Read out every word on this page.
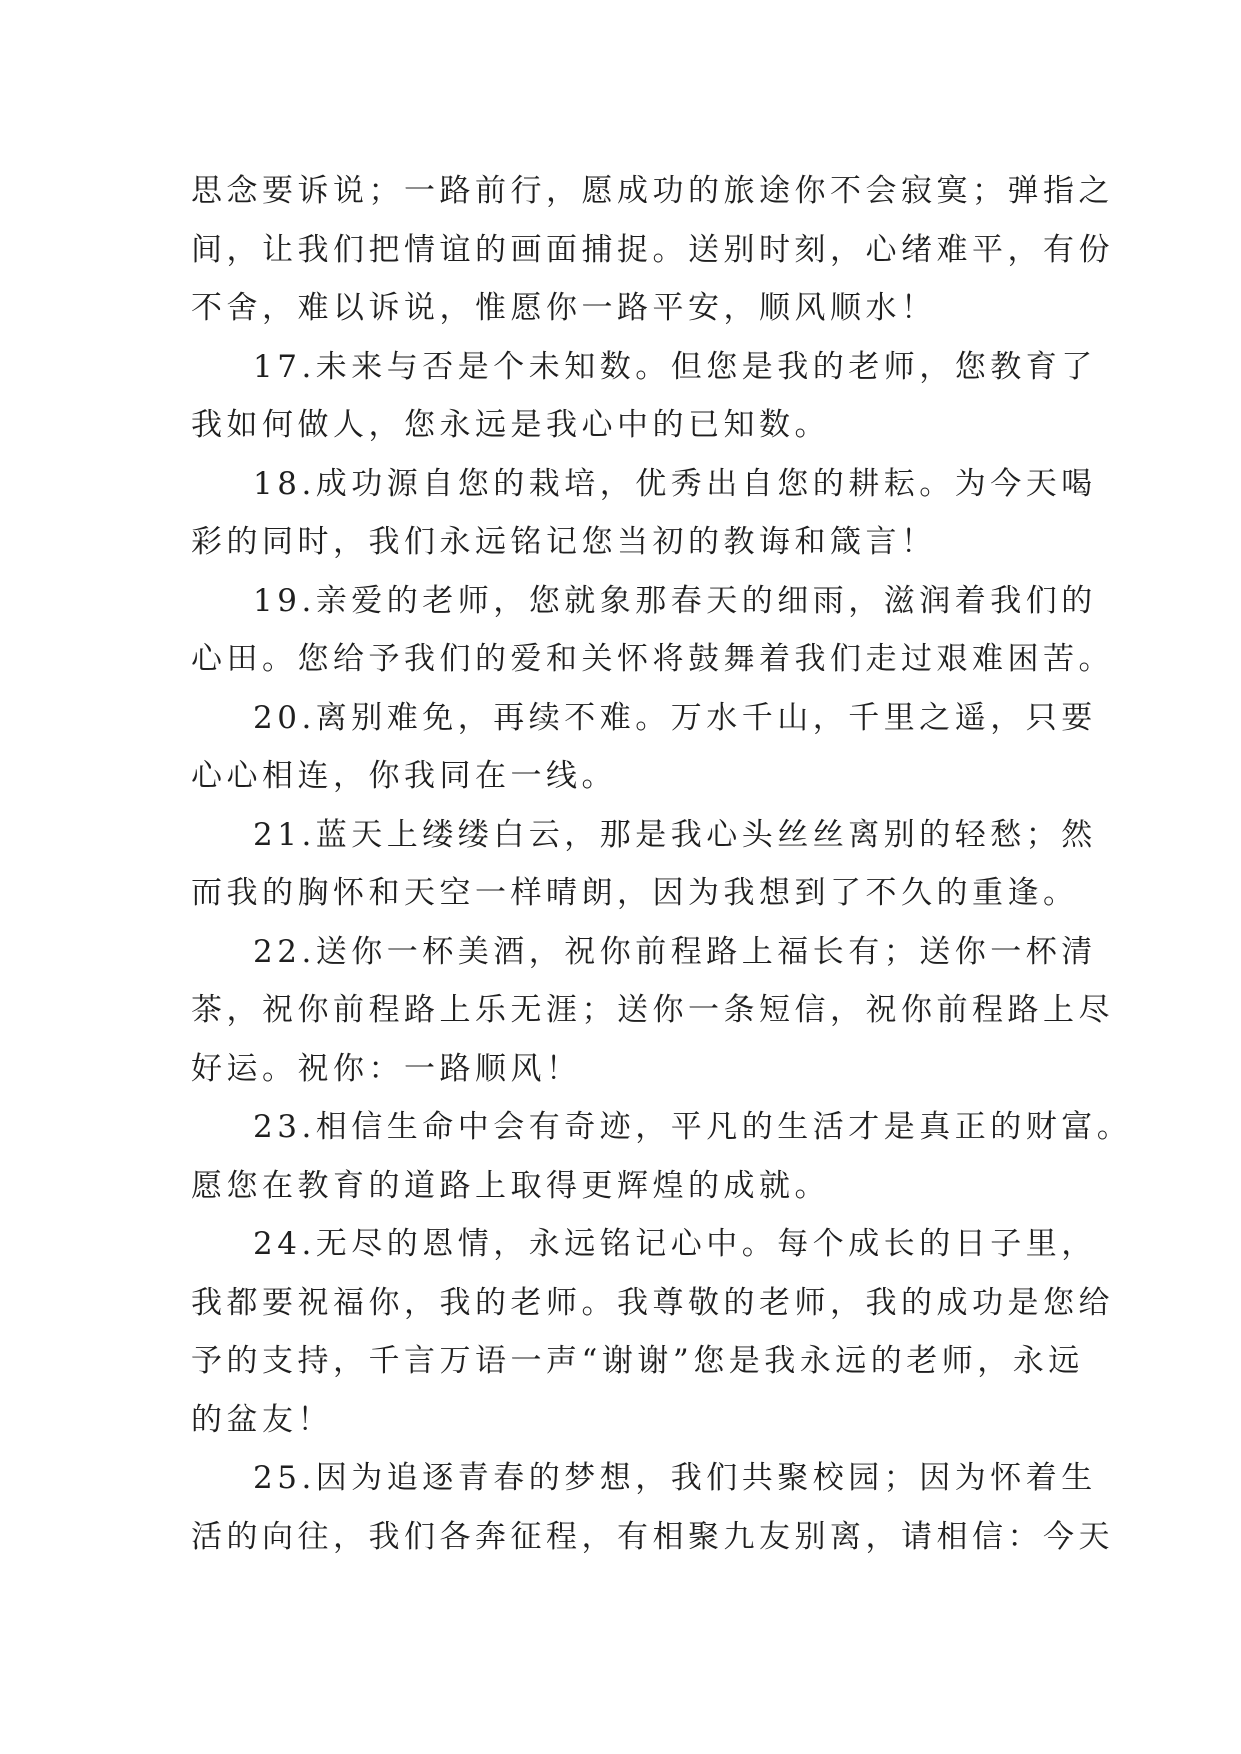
思念要诉说；一路前行，愿成功的旅途你不会寂寞；弹指之
间，让我们把情谊的画面捕捉。送别时刻，心绪难平，有份
不舍，难以诉说，惟愿你一路平安，顺风顺水！

17.未来与否是个未知数。但您是我的老师，您教育了
我如何做人，您永远是我心中的已知数。

18.成功源自您的栽培，优秀出自您的耕耘。为今天喝
彩的同时，我们永远铭记您当初的教诲和箴言！

19.亲爱的老师，您就象那春天的细雨，滋润着我们的
心田。您给予我们的爱和关怀将鼓舞着我们走过艰难困苦。

20.离别难免，再续不难。万水千山，千里之遥，只要
心心相连，你我同在一线。

21.蓝天上缕缕白云，那是我心头丝丝离别的轻愁；然
而我的胸怀和天空一样晴朗，因为我想到了不久的重逢。

22.送你一杯美酒，祝你前程路上福长有；送你一杯清
茶，祝你前程路上乐无涯；送你一条短信，祝你前程路上尽
好运。祝你：一路顺风！

23.相信生命中会有奇迹，平凡的生活才是真正的财富。
愿您在教育的道路上取得更辉煌的成就。

24.无尽的恩情，永远铭记心中。每个成长的日子里，
我都要祝福你，我的老师。我尊敬的老师，我的成功是您给
予的支持，千言万语一声“谢谢”您是我永远的老师，永远
的盆友！

25.因为追逐青春的梦想，我们共聚校园；因为怀着生
活的向往，我们各奔征程，有相聚九友别离，请相信：今天
